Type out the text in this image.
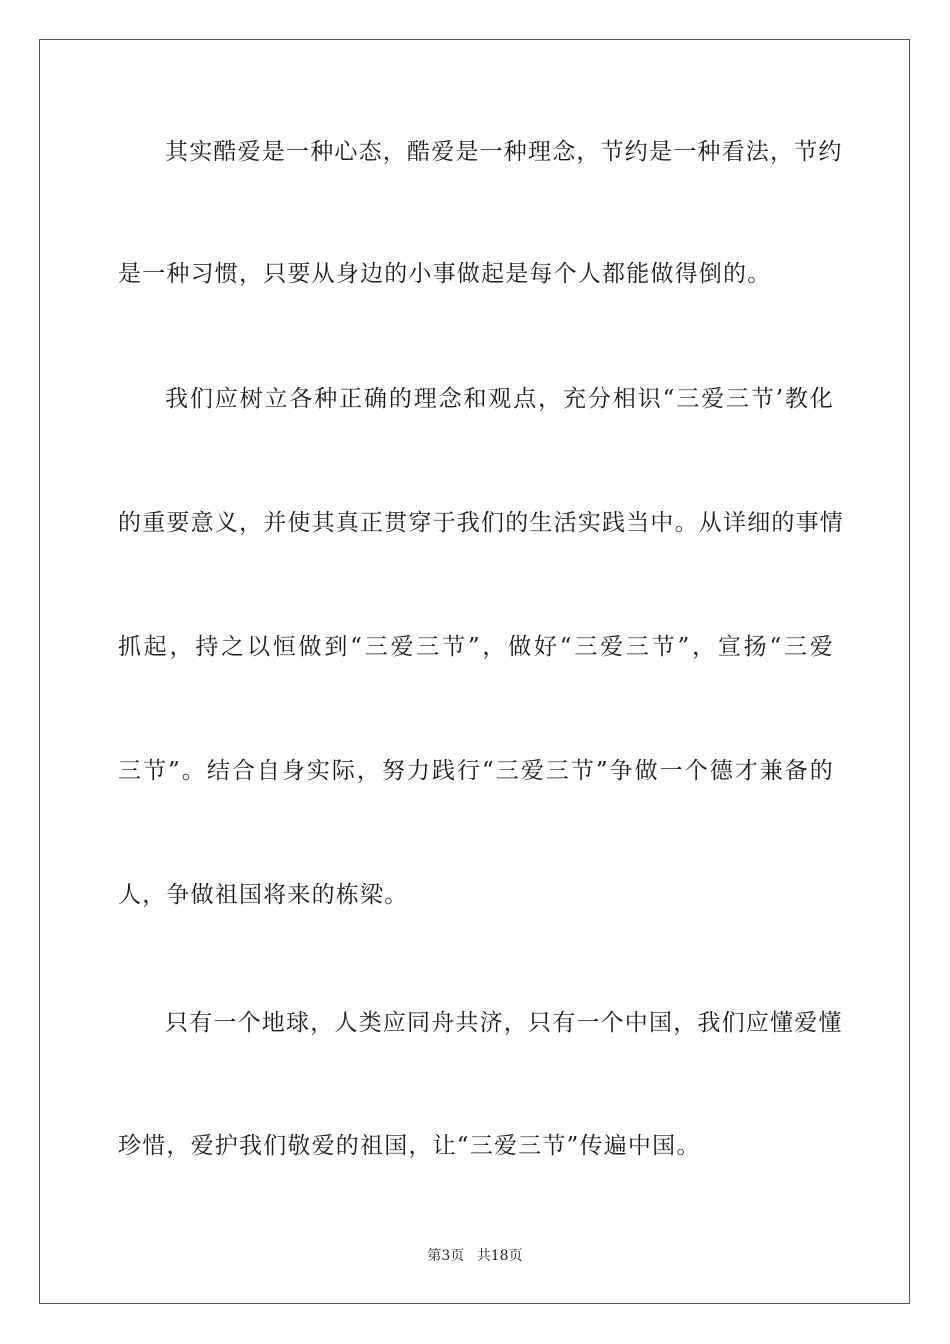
其实酷爱是一种心态，酷爱是一种理念，节约是一种看法，节约
是一种习惯，只要从身边的小事做起是每个人都能做得倒的。
我们应树立各种正确的理念和观点，充分相识“三爱三节’教化
的重要意义，并使其真正贯穿于我们的生活实践当中。从详细的事情
抓起，持之以恒做到“三爱三节”，做好“三爱三节”，宣扬“三爱
三节”。结合自身实际，努力践行“三爱三节”争做一个德才兼备的
人，争做祖国将来的栋梁。
只有一个地球，人类应同舟共济，只有一个中国，我们应懂爱懂
珍惜，爱护我们敬爱的祖国，让“三爱三节”传遍中国。
第3页 共18页
